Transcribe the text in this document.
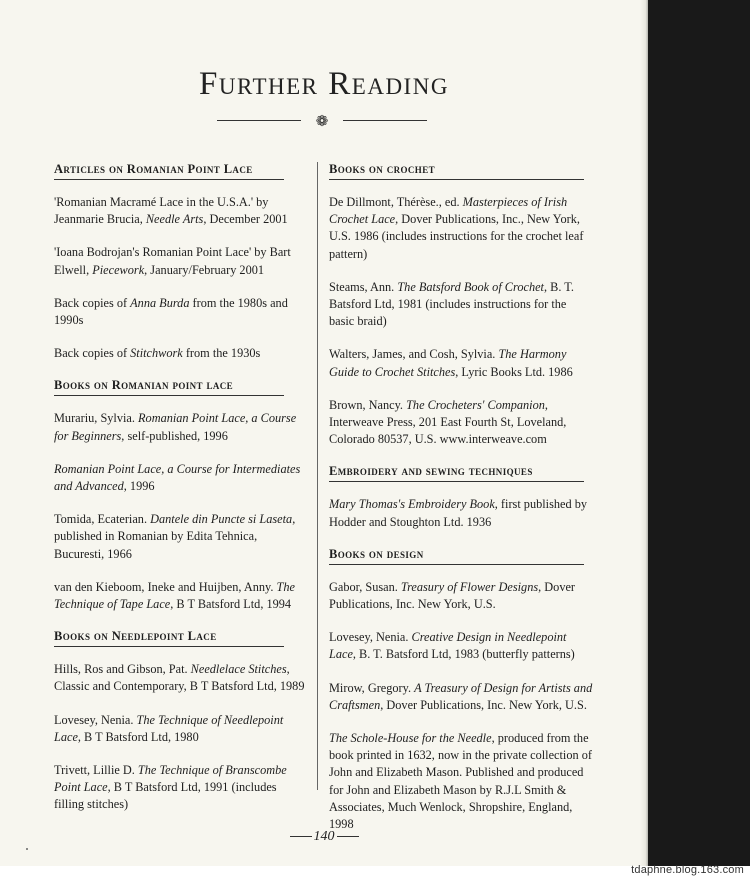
Further Reading
❁
Articles on Romanian Point Lace
'Romanian Macramé Lace in the U.S.A.' by Jeanmarie Brucia, Needle Arts, December 2001
'Ioana Bodrojan's Romanian Point Lace' by Bart Elwell, Piecework, January/February 2001
Back copies of Anna Burda from the 1980s and 1990s
Back copies of Stitchwork from the 1930s
Books on Romanian point lace
Murariu, Sylvia. Romanian Point Lace, a Course for Beginners, self-published, 1996
Romanian Point Lace, a Course for Intermediates and Advanced, 1996
Tomida, Ecaterian. Dantele din Puncte si Laseta, published in Romanian by Edita Tehnica, Bucuresti, 1966
van den Kieboom, Ineke and Huijben, Anny. The Technique of Tape Lace, B T Batsford Ltd, 1994
Books on Needlepoint Lace
Hills, Ros and Gibson, Pat. Needlelace Stitches, Classic and Contemporary, B T Batsford Ltd, 1989
Lovesey, Nenia. The Technique of Needlepoint Lace, B T Batsford Ltd, 1980
Trivett, Lillie D. The Technique of Branscombe Point Lace, B T Batsford Ltd, 1991 (includes filling stitches)
Books on crochet
De Dillmont, Thérèse., ed. Masterpieces of Irish Crochet Lace, Dover Publications, Inc., New York, U.S. 1986 (includes instructions for the crochet leaf pattern)
Steams, Ann. The Batsford Book of Crochet, B. T. Batsford Ltd, 1981 (includes instructions for the basic braid)
Walters, James, and Cosh, Sylvia. The Harmony Guide to Crochet Stitches, Lyric Books Ltd. 1986
Brown, Nancy. The Crocheters' Companion, Interweave Press, 201 East Fourth St, Loveland, Colorado 80537, U.S. www.interweave.com
Embroidery and sewing techniques
Mary Thomas's Embroidery Book, first published by Hodder and Stoughton Ltd. 1936
Books on design
Gabor, Susan. Treasury of Flower Designs, Dover Publications, Inc. New York, U.S.
Lovesey, Nenia. Creative Design in Needlepoint Lace, B. T. Batsford Ltd, 1983 (butterfly patterns)
Mirow, Gregory. A Treasury of Design for Artists and Craftsmen, Dover Publications, Inc. New York, U.S.
The Schole-House for the Needle, produced from the book printed in 1632, now in the private collection of John and Elizabeth Mason. Published and produced for John and Elizabeth Mason by R.J.L Smith & Associates, Much Wenlock, Shropshire, England, 1998
140
tdaphne.blog.163.com
